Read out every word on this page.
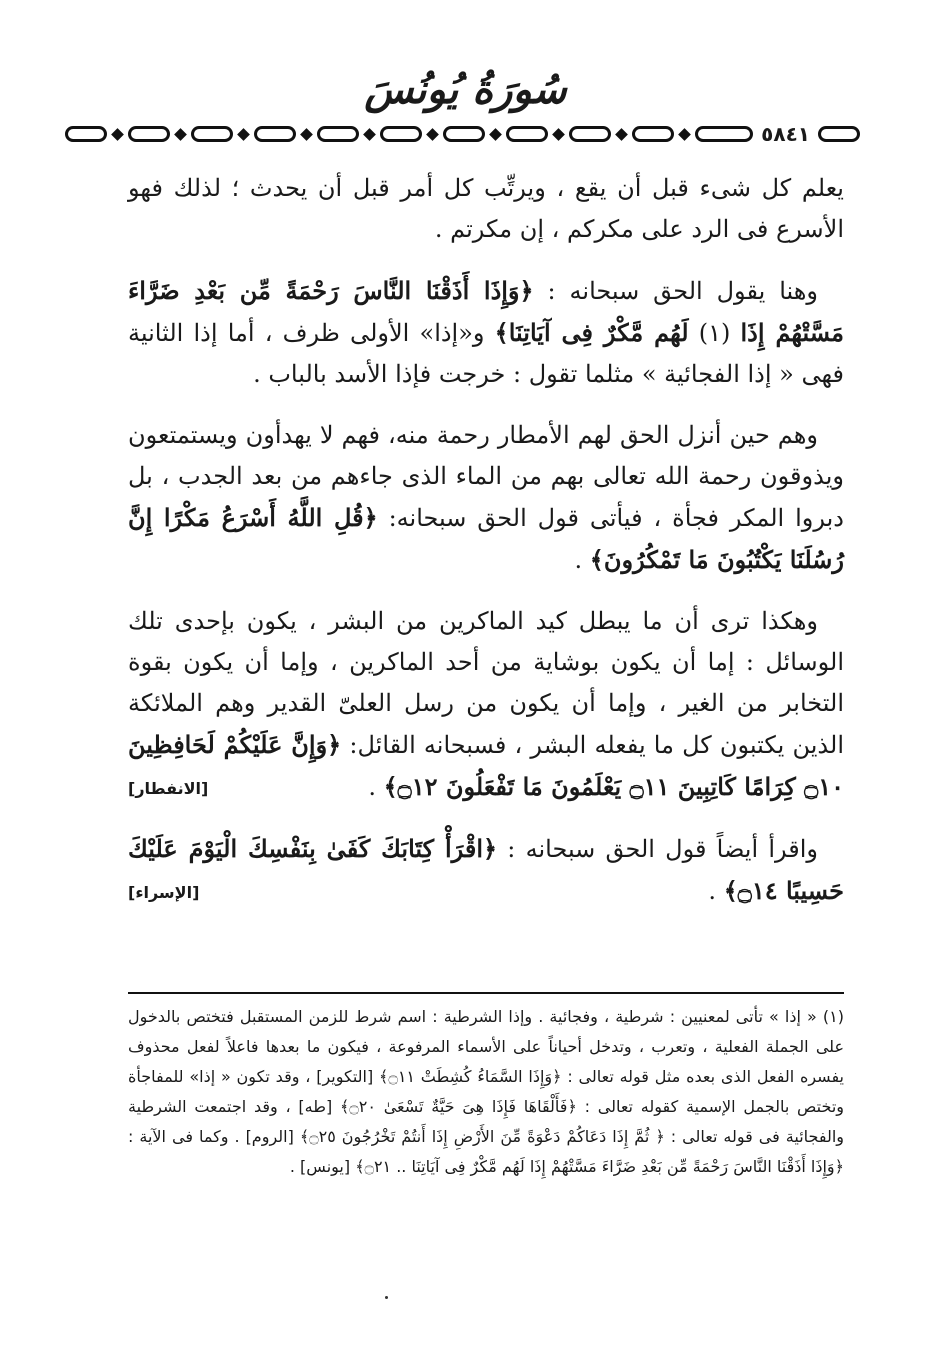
سُورَةُ يُونُسَ
٥٨٤١

يعلم كل شىء قبل أن يقع ، ويرتِّب كل أمر قبل أن يحدث ؛ لذلك فهو الأسرع فى الرد على مكركم ، إن مكرتم .

وهنا يقول الحق سبحانه : ﴿وَإِذَا أَذَقْنَا النَّاسَ رَحْمَةً مِّن بَعْدِ ضَرَّاءَ مَسَّتْهُمْ إِذَا (١) لَهُم مَّكْرٌ فِى آيَاتِنَا﴾ و«إذا» الأولى ظرف ، أما إذا الثانية فهى « إذا الفجائية » مثلما تقول : خرجت فإذا الأسد بالباب .

وهم حين أنزل الحق لهم الأمطار رحمة منه، فهم لا يهدأون ويستمتعون ويذوقون رحمة الله تعالى بهم من الماء الذى جاءهم من بعد الجدب ، بل دبروا المكر فجأة ، فيأتى قول الحق سبحانه: ﴿قُلِ اللَّهُ أَسْرَعُ مَكْرًا إِنَّ رُسُلَنَا يَكْتُبُونَ مَا تَمْكُرُونَ﴾ .

وهكذا ترى أن ما يبطل كيد الماكرين من البشر ، يكون بإحدى تلك الوسائل : إما أن يكون بوشاية من أحد الماكرين ، وإما أن يكون بقوة التخابر من الغير ، وإما أن يكون من رسل العلىّ القدير وهم الملائكة الذين يكتبون كل ما يفعله البشر ، فسبحانه القائل: ﴿وَإِنَّ عَلَيْكُمْ لَحَافِظِينَ ۝١٠ كِرَامًا كَاتِبِينَ ۝١١ يَعْلَمُونَ مَا تَفْعَلُونَ ۝١٢﴾ .
[الانفطار]

واقرأ أيضاً قول الحق سبحانه : ﴿اقْرَأْ كِتَابَكَ كَفَىٰ بِنَفْسِكَ الْيَوْمَ عَلَيْكَ حَسِيبًا ۝١٤﴾ .
[الإسراء]

(١) « إذا » تأتى لمعنيين : شرطية ، وفجائية . وإذا الشرطية : اسم شرط للزمن المستقبل فتختص بالدخول على الجملة الفعلية ، وتعرب ، وتدخل أحياناً على الأسماء المرفوعة ، فيكون ما بعدها فاعلاً لفعل محذوف يفسره الفعل الذى بعده مثل قوله تعالى : ﴿وَإِذَا السَّمَاءُ كُشِطَتْ ۝١١﴾ [التكوير] ، وقد تكون « إذا» للمفاجأة وتختص بالجمل الإسمية كقوله تعالى : ﴿فَأَلْقَاهَا فَإِذَا هِىَ حَيَّةٌ تَسْعَىٰ ۝٢٠﴾ [طه] ، وقد اجتمعت الشرطية والفجائية فى قوله تعالى : ﴿ ثُمَّ إِذَا دَعَاكُمْ دَعْوَةً مِّنَ الأَرْضِ إِذَا أَنتُمْ تَخْرُجُونَ ۝٢٥﴾ [الروم] . وكما فى الآية : ﴿وَإِذَا أَذَقْنَا النَّاسَ رَحْمَةً مِّن بَعْدِ ضَرَّاءَ مَسَّتْهُمْ إِذَا لَهُم مَّكْرٌ فِى آيَاتِنَا .. ۝٢١﴾ [يونس] .
